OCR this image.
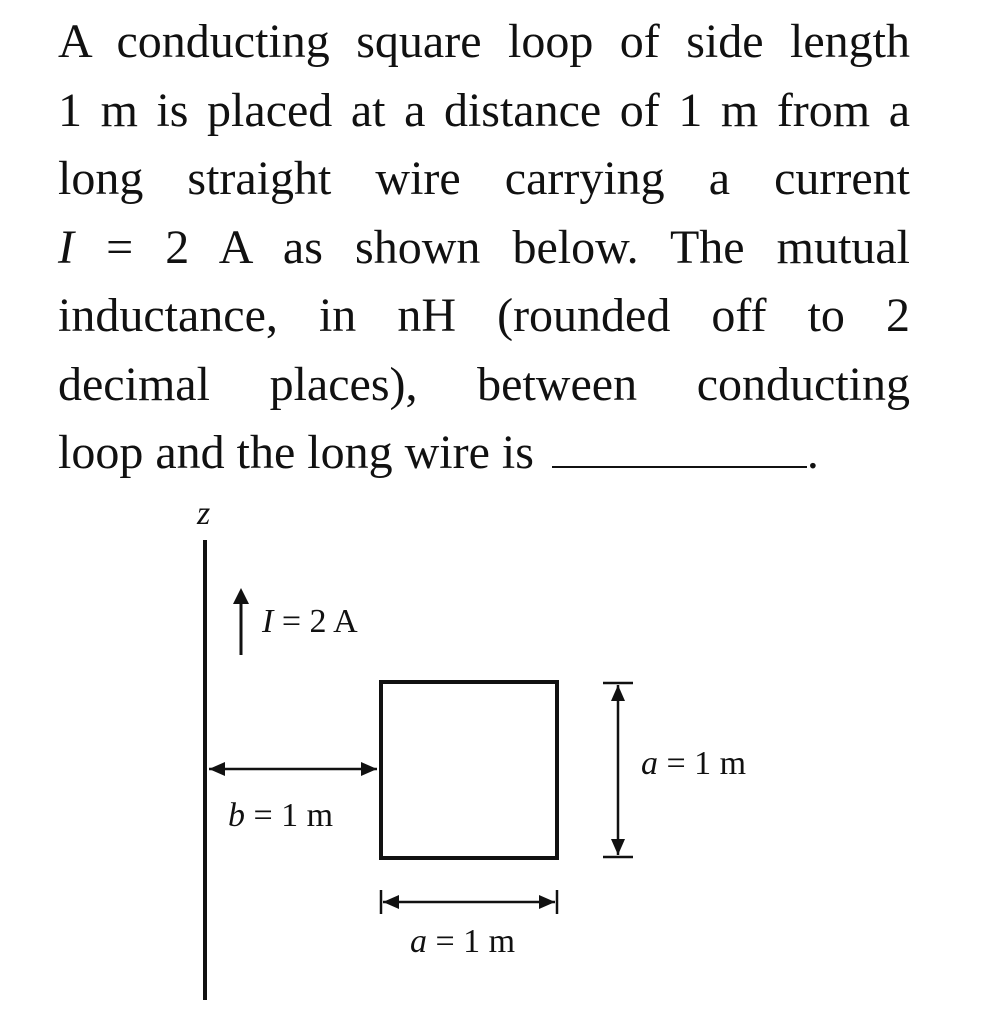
A conducting square loop of side length
1 m is placed at a distance of 1 m from a
long straight wire carrying a current
I = 2 A as shown below. The mutual
inductance, in nH (rounded off to 2
decimal places), between conducting
loop and the long wire is	.
z
I = 2 A
b = 1 m
a = 1 m
a = 1 m
